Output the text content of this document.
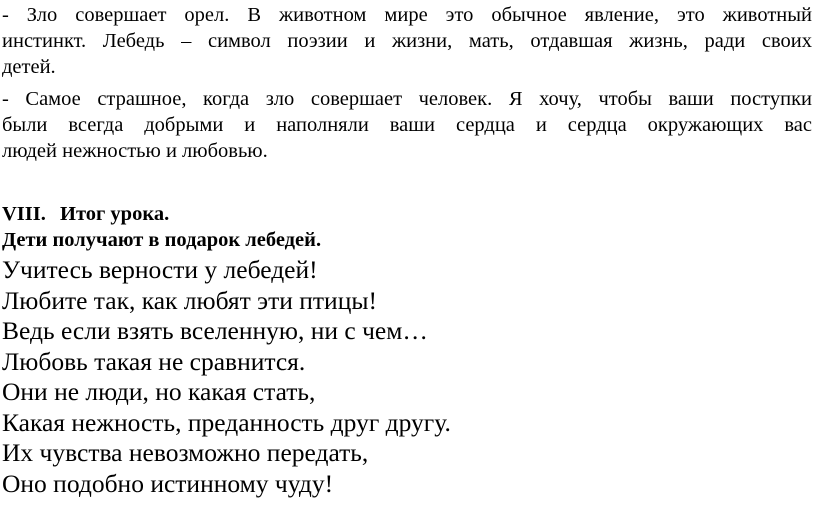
- Зло совершает орел. В животном мире это обычное явление, это животный
инстинкт. Лебедь – символ поэзии и жизни, мать, отдавшая жизнь, ради своих
детей.

- Самое страшное, когда зло совершает человек. Я хочу, чтобы ваши поступки
были всегда добрыми и наполняли ваши сердца и сердца окружающих вас
людей нежностью и любовью.

VIII. Итог урока.

Дети получают в подарок лебедей.

Учитесь верности у лебедей!
Любите так, как любят эти птицы!
Ведь если взять вселенную, ни с чем…
Любовь такая не сравнится.
Они не люди, но какая стать,
Какая нежность, преданность друг другу.
Их чувства невозможно передать,
Оно подобно истинному чуду!
